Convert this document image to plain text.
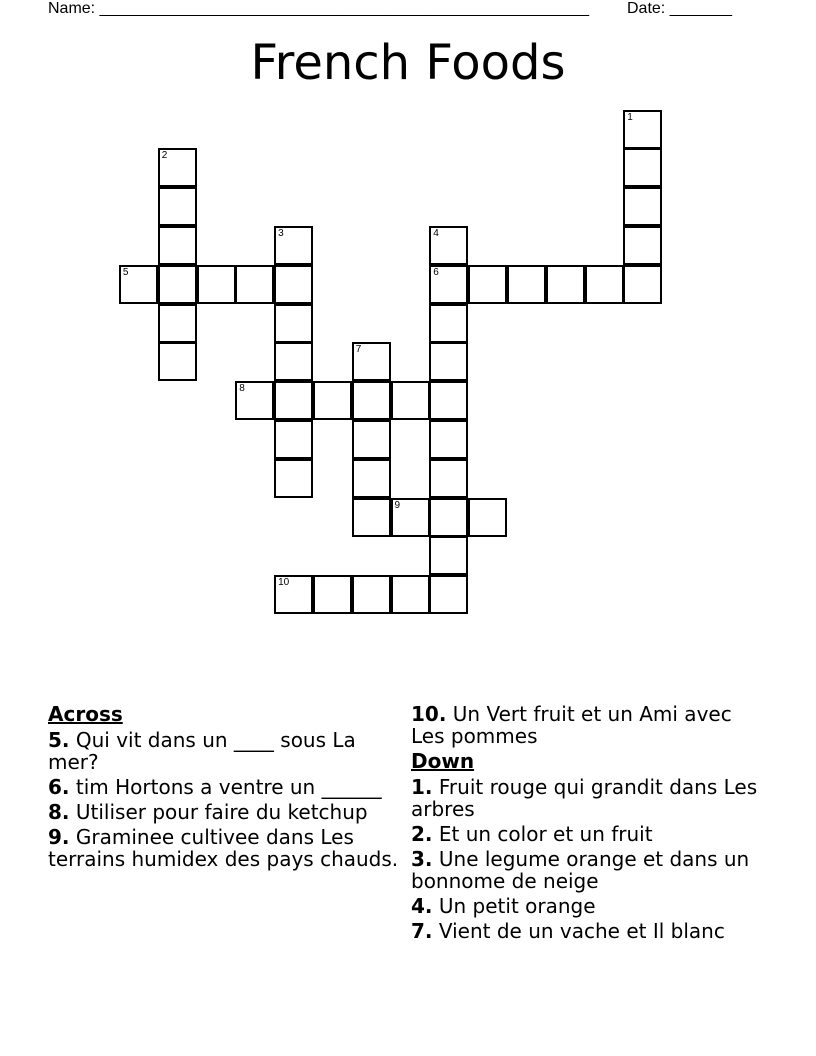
Name: _______________________________________________________ Date: _______
French Foods
1
2
3	4
6
7
5
8
9
10
Across
5. Qui vit dans un ____ sous La mer?
6. tim Hortons a ventre un ______
8. Utiliser pour faire du ketchup
9. Graminee cultivee dans Les terrains humidex des pays chauds.
10. Un Vert fruit et un Ami avec Les pommes
Down
1. Fruit rouge qui grandit dans Les arbres
2. Et un color et un fruit
3. Une legume orange et dans un bonnome de neige
4. Un petit orange
7. Vient de un vache et Il blanc
